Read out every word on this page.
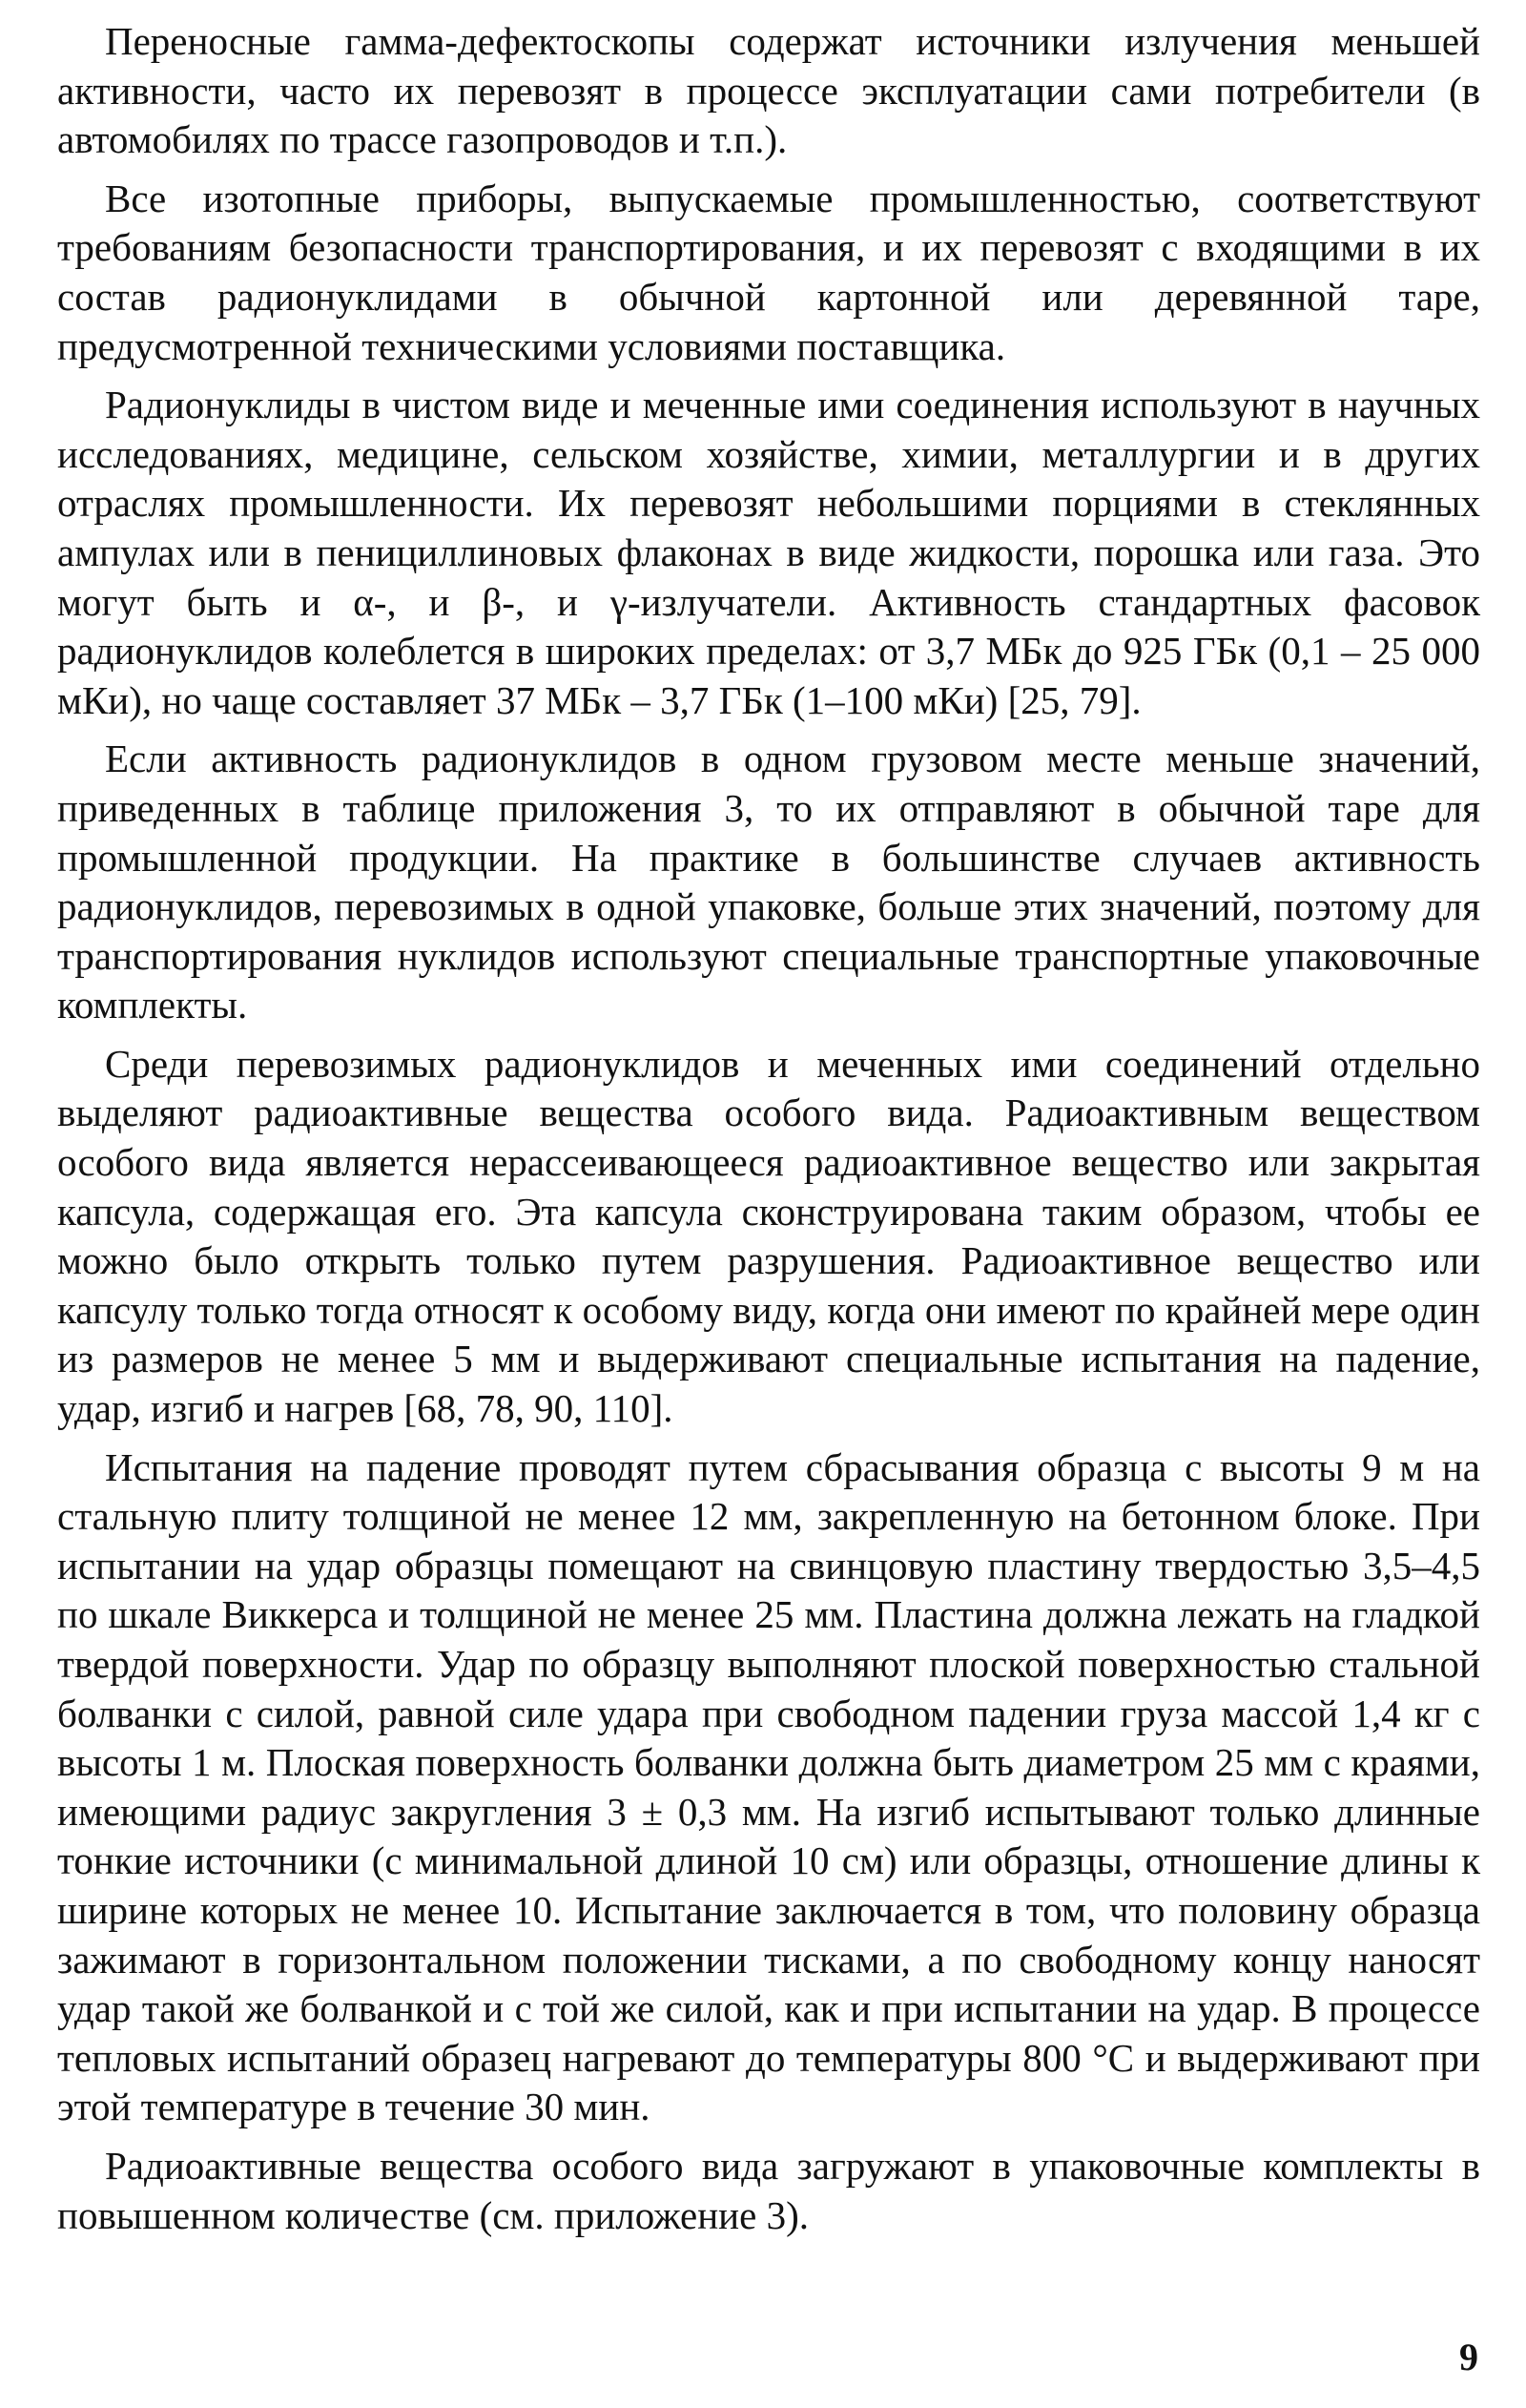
Переносные гамма-дефектоскопы содержат источники излучения меньшей активности, часто их перевозят в процессе эксплуатации сами потребители (в автомобилях по трассе газопроводов и т.п.).

Все изотопные приборы, выпускаемые промышленностью, соответствуют требованиям безопасности транспортирования, и их перевозят с входящими в их состав радионуклидами в обычной картонной или деревянной таре, предусмотренной техническими условиями поставщика.

Радионуклиды в чистом виде и меченные ими соединения используют в научных исследованиях, медицине, сельском хозяйстве, химии, металлургии и в других отраслях промышленности. Их перевозят небольшими порциями в стеклянных ампулах или в пенициллиновых флаконах в виде жидкости, порошка или газа. Это могут быть и α-, и β-, и γ-излучатели. Активность стандартных фасовок радионуклидов колеблется в широких пределах: от 3,7 МБк до 925 ГБк (0,1 – 25 000 мКи), но чаще составляет 37 МБк – 3,7 ГБк (1–100 мКи) [25, 79].

Если активность радионуклидов в одном грузовом месте меньше значений, приведенных в таблице приложения 3, то их отправляют в обычной таре для промышленной продукции. На практике в большинстве случаев активность радионуклидов, перевозимых в одной упаковке, больше этих значений, поэтому для транспортирования нуклидов используют специальные транспортные упаковочные комплекты.

Среди перевозимых радионуклидов и меченных ими соединений отдельно выделяют радиоактивные вещества особого вида. Радиоактивным веществом особого вида является нерассеивающееся радиоактивное вещество или закрытая капсула, содержащая его. Эта капсула сконструирована таким образом, чтобы ее можно было открыть только путем разрушения. Радиоактивное вещество или капсулу только тогда относят к особому виду, когда они имеют по крайней мере один из размеров не менее 5 мм и выдерживают специальные испытания на падение, удар, изгиб и нагрев [68, 78, 90, 110].

Испытания на падение проводят путем сбрасывания образца с высоты 9 м на стальную плиту толщиной не менее 12 мм, закрепленную на бетонном блоке. При испытании на удар образцы помещают на свинцовую пластину твердостью 3,5–4,5 по шкале Виккерса и толщиной не менее 25 мм. Пластина должна лежать на гладкой твердой поверхности. Удар по образцу выполняют плоской поверхностью стальной болванки с силой, равной силе удара при свободном падении груза массой 1,4 кг с высоты 1 м. Плоская поверхность болванки должна быть диаметром 25 мм с краями, имеющими радиус закругления 3 ± 0,3 мм. На изгиб испытывают только длинные тонкие источники (с минимальной длиной 10 см) или образцы, отношение длины к ширине которых не менее 10. Испытание заключается в том, что половину образца зажимают в горизонтальном положении тисками, а по свободному концу наносят удар такой же болванкой и с той же силой, как и при испытании на удар. В процессе тепловых испытаний образец нагревают до температуры 800 °С и выдерживают при этой температуре в течение 30 мин.

Радиоактивные вещества особого вида загружают в упаковочные комплекты в повышенном количестве (см. приложение 3).

9
